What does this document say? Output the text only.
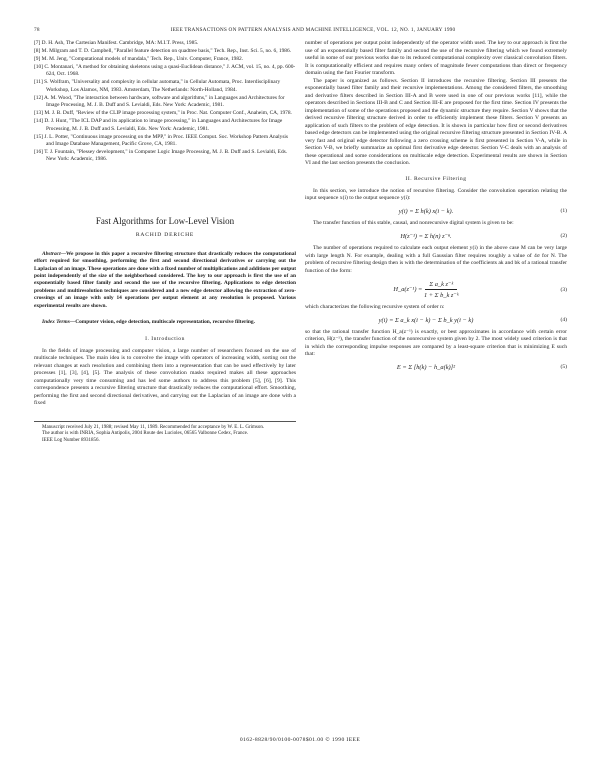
78	IEEE TRANSACTIONS ON PATTERN ANALYSIS AND MACHINE INTELLIGENCE, VOL. 12, NO. 1, JANUARY 1990
[7] D. H. Ash, The Cartesian Manifest. Cambridge, MA: M.I.T. Press, 1985.
[8] M. Milgram and T. D. Campbell, "Parallel feature detection on quadtree basis," Tech. Rep., Inst. Sci. 5, no. 6, 1986.
[9] M. M. Jeng, "Computational models of mandala," Tech. Rep., Univ. Computer, France, 1982.
[10] C. Montanari, "A method for obtaining skeletons using a quasi-Euclidean distance," J. ACM, vol. 15, no. 4, pp. 600-624, Oct. 1968.
[11] S. Wolfram, "Universality and complexity in cellular automata," in Cellular Automata, Proc. Interdisciplinary Workshop, Los Alamos, NM, 1983. Amsterdam, The Netherlands: North-Holland, 1984.
[12] A. M. Wood, "The interaction between hardware, software and algorithms," in Languages and Architectures for Image Processing, M. J. B. Duff and S. Levialdi, Eds. New York: Academic, 1981.
[13] M. J. B. Duff, "Review of the CLIP image processing system," in Proc. Nat. Computer Conf., Anaheim, CA, 1978.
[14] D. J. Hunt, "The ICL DAP and its application to image processing," in Languages and Architectures for Image Processing, M. J. B. Duff and S. Levialdi, Eds. New York: Academic, 1981.
[15] J. L. Potter, "Continuous image processing on the MPP," in Proc. IEEE Comput. Soc. Workshop Pattern Analysis and Image Database Management, Pacific Grove, CA, 1981.
[16] T. J. Fountain, "Plessey development," in Computer Logic Image Processing, M. J. B. Duff and S. Levialdi, Eds. New York: Academic, 1986.
Fast Algorithms for Low-Level Vision
RACHID DERICHE
Abstract—We propose in this paper a recursive filtering structure that drastically reduces the computational effort required for smoothing, performing the first and second directional derivatives or carrying out the Laplacian of an image. These operations are done with a fixed number of multiplications and additions per output point independently of the size of the neighborhood considered. The key to our approach is first the use of an exponentially based filter family and second the use of the recursive filtering. Applications to edge detection problems and multiresolution techniques are considered and a new edge detector allowing the extraction of zero-crossings of an image with only 14 operations per output element at any resolution is proposed. Various experimental results are shown.
Index Terms—Computer vision, edge detection, multiscale representation, recursive filtering.
I. Introduction

In the fields of image processing and computer vision, a large number of researchers focused on the use of multiscale techniques. The main idea is to convolve the image with operators of increasing width, sorting out the relevant changes at each resolution and combining them into a representation that can be used effectively by later processes [1], [3], [4], [5]. The analysis of these convolution masks required makes all these approaches computationally very time consuming and has led some authors to address this problem [5], [6], [9]. This correspondence presents a recursive filtering structure that drastically reduces the computational effort. Smoothing, performing the first and second directional derivatives, and carrying out the Laplacian of an image are done with a fixed

Manuscript received July 21, 1988; revised May 11, 1989. Recommended for acceptance by W. E. L. Grimson.
The author is with INRIA, Sophia Antipolis, 2004 Route des Lucioles, 06565 Valbonne Cedex, France.
IEEE Log Number 8931856.

number of operations per output point independently of the operator width used. The key to our approach is first the use of an exponentially based filter family and second the use of the recursive filtering which we found extremely useful in some of our previous works due to its reduced computational complexity over classical convolution filters. It is computationally efficient and requires many orders of magnitude fewer computations than direct or frequency domain using the fast Fourier transform.

The paper is organized as follows. Section II introduces the recursive filtering. Section III presents the exponentially based filter family and their recursive implementations. Among the considered filters, the smoothing and derivative filters described in Section III-A and B were used in one of our previous works [11], while the operators described in Sections III-B and C and Section III-E are proposed for the first time. Section IV presents the implementation of some of the operations proposed and the dynamic structure they require. Section V shows that the derived recursive filtering structure derived in order to efficiently implement these filters. Section V presents an application of such filters to the problem of edge detection. It is shown in particular how first or second derivatives based edge detectors can be implemented using the original recursive filtering structure presented in Section IV-B. A very fast and original edge detector following a zero crossing scheme is first presented in Section V-A, while in Section V-B, we briefly summarize an optimal first derivative edge detector. Section V-C deals with an analysis of these operational and some considerations on multiscale edge detection. Experimental results are shown in Section VI and the last section presents the conclusion.

II. Recursive Filtering

In this section, we introduce the notion of recursive filtering. Consider the convolution operation relating the input sequence x(i) to the output sequence y(i):

y(i) = Σ h(k) x(i − k).	(1)

The transfer function of this stable, causal, and nonrecursive digital system is given to be:

H(z⁻¹) = Σ h(n) z⁻ⁿ.	(2)

The number of operations required to calculate each output element y(i) in the above case M can be very large with large length N. For example, dealing with a full Gaussian filter requires roughly a value of 4σ for N. The problem of recursive filtering design then is with the determination of the coefficients ak and bk of a rational transfer function of the form:

H_a(z⁻¹) = $\frac{\text{Σ a\_k z⁻ᵏ}}{\text{1 + Σ b\_k z⁻ᵏ}}$	(3)

which characterizes the following recursive system of order n:

y(i) = Σ a_k x(i − k) − Σ b_k y(i − k)	(4)

so that the rational transfer function H_a(z⁻¹) is exactly, or best approximates in accordance with certain error criterion, H(z⁻¹), the transfer function of the nonrecursive system given by 2. The most widely used criterion is that in which the corresponding impulse responses are compared by a least-square criterion that is minimizing E such that:

E = Σ [h(k) − h_a(k)]²	(5)
0162-8828/90/0100-0078$01.00 © 1990 IEEE
